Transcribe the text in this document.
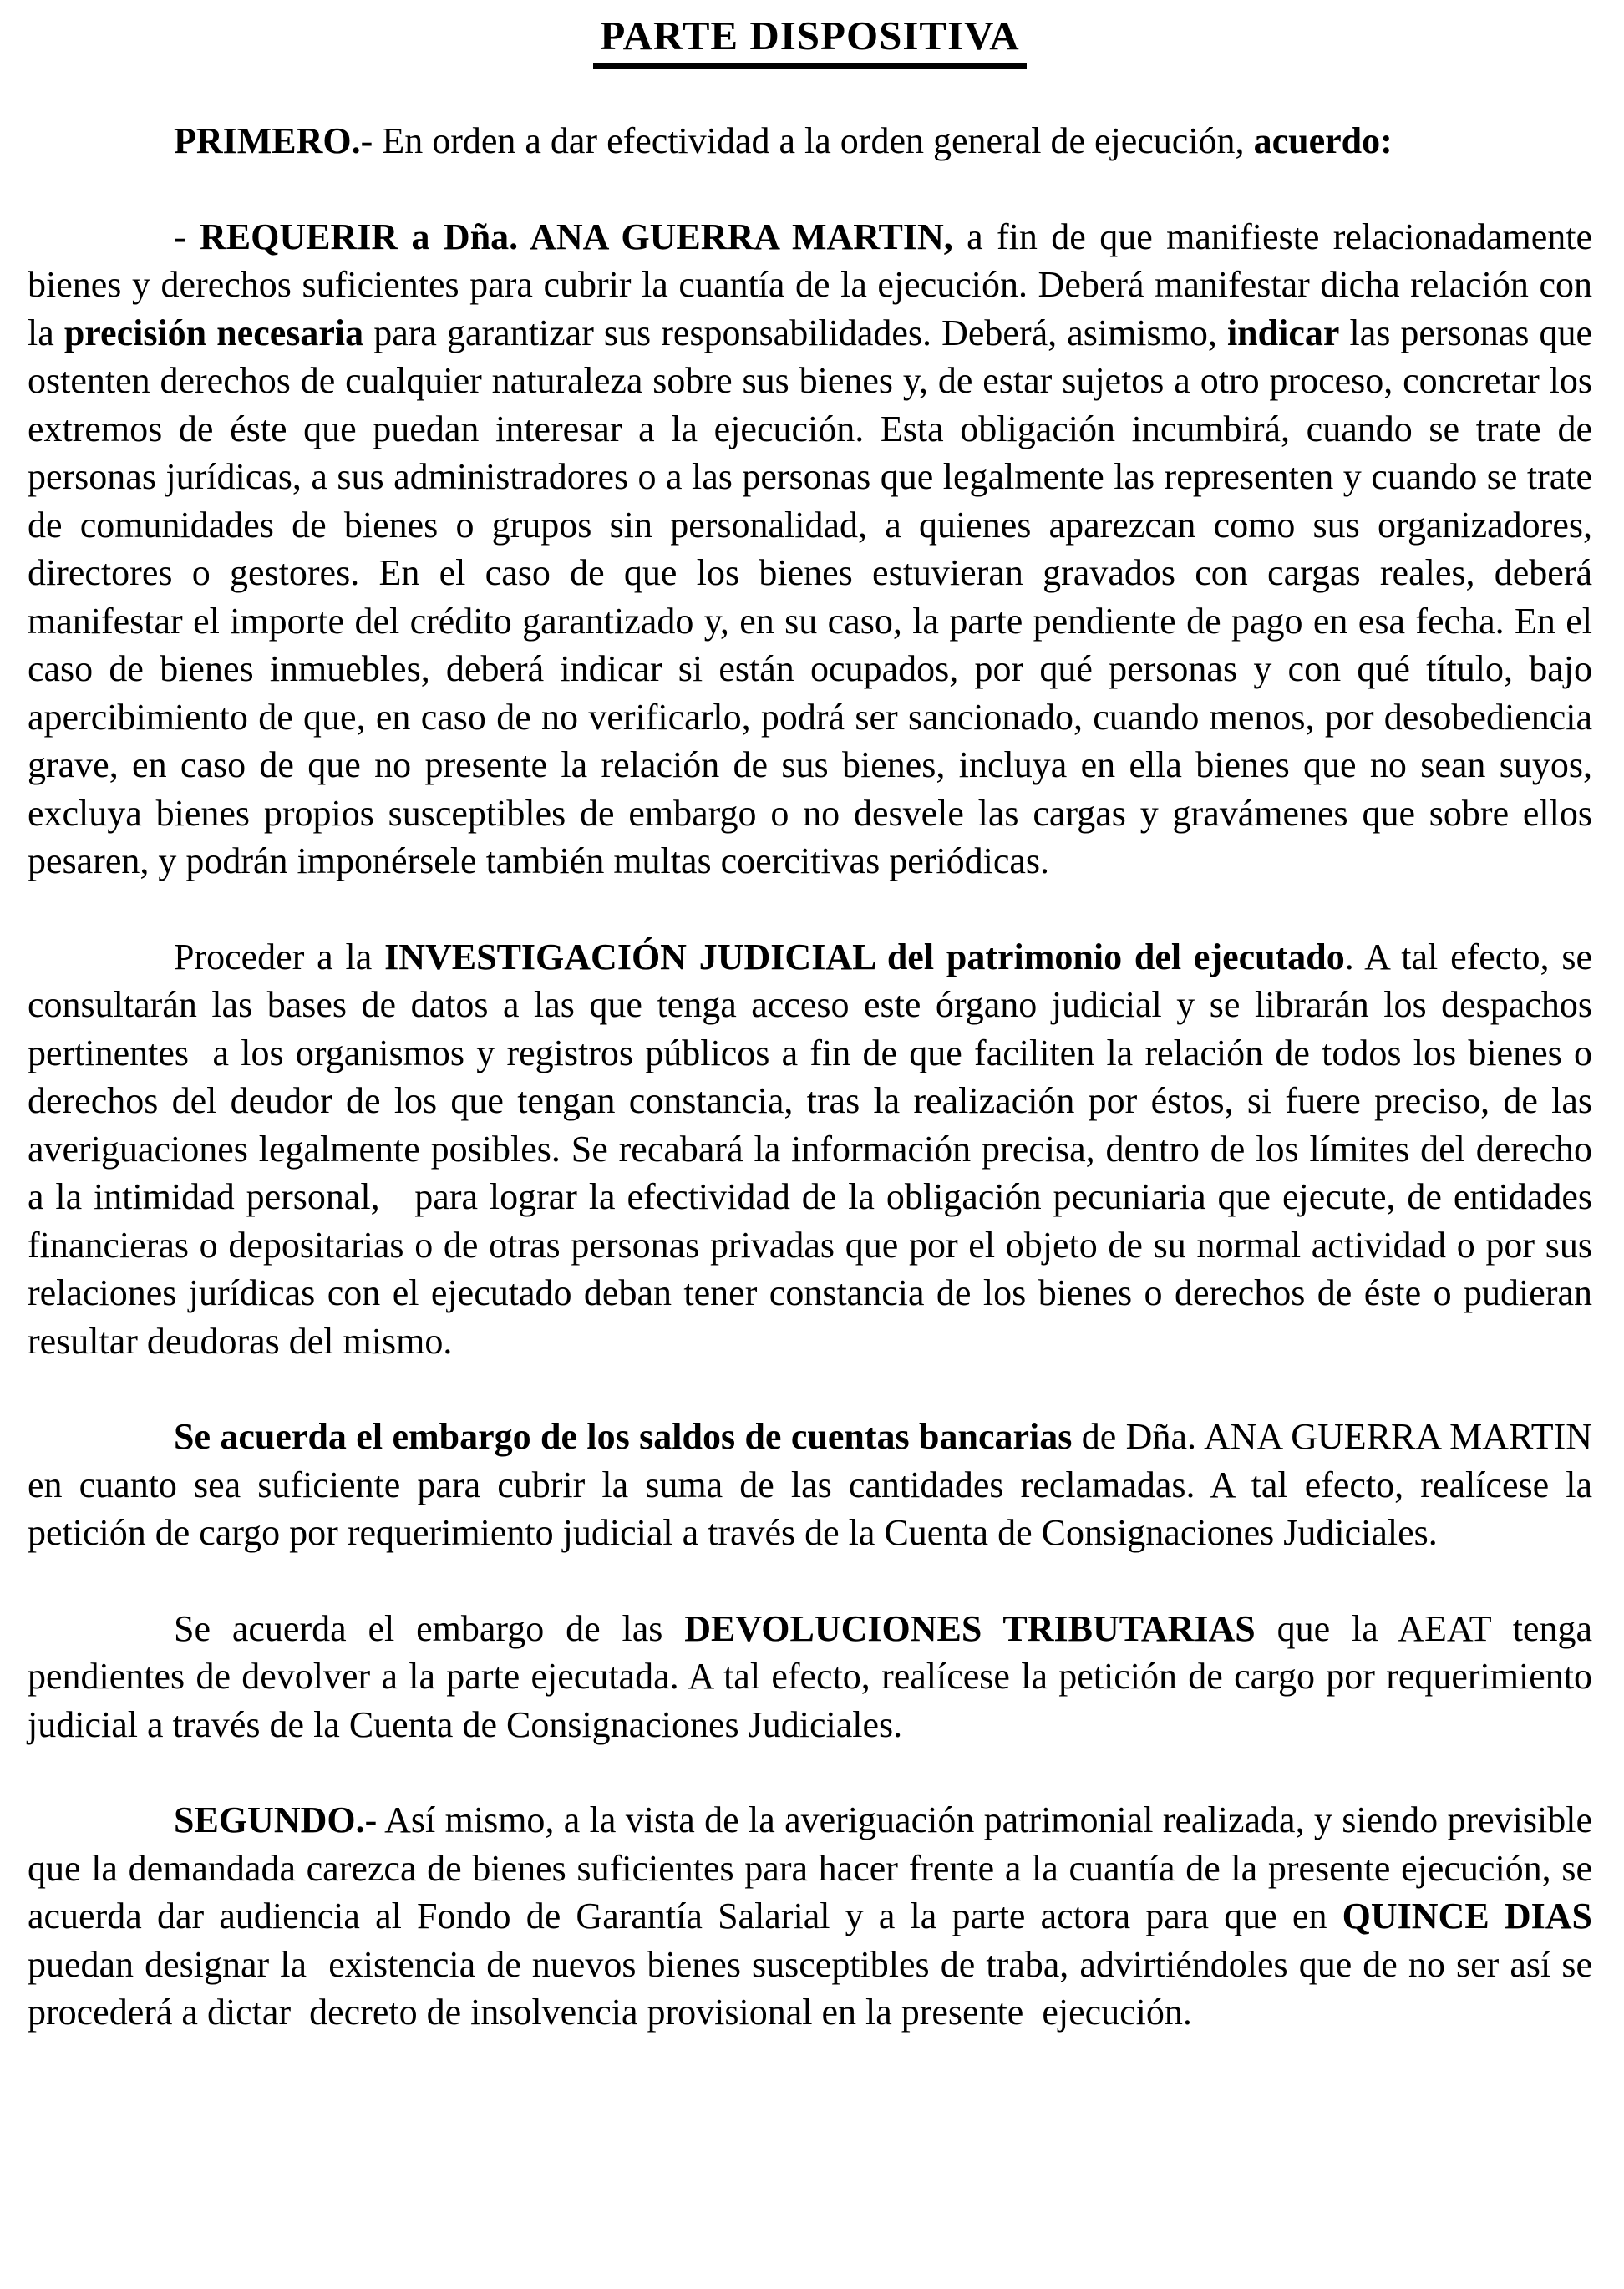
PARTE DISPOSITIVA

PRIMERO.- En orden a dar efectividad a la orden general de ejecución, acuerdo:

- REQUERIR a Dña. ANA GUERRA MARTIN, a fin de que manifieste relacionadamente bienes y derechos suficientes para cubrir la cuantía de la ejecución. Deberá manifestar dicha relación con la precisión necesaria para garantizar sus responsabilidades. Deberá, asimismo, indicar las personas que ostenten derechos de cualquier naturaleza sobre sus bienes y, de estar sujetos a otro proceso, concretar los extremos de éste que puedan interesar a la ejecución. Esta obligación incumbirá, cuando se trate de personas jurídicas, a sus administradores o a las personas que legalmente las representen y cuando se trate de comunidades de bienes o grupos sin personalidad, a quienes aparezcan como sus organizadores, directores o gestores. En el caso de que los bienes estuvieran gravados con cargas reales, deberá manifestar el importe del crédito garantizado y, en su caso, la parte pendiente de pago en esa fecha. En el caso de bienes inmuebles, deberá indicar si están ocupados, por qué personas y con qué título, bajo apercibimiento de que, en caso de no verificarlo, podrá ser sancionado, cuando menos, por desobediencia grave, en caso de que no presente la relación de sus bienes, incluya en ella bienes que no sean suyos, excluya bienes propios susceptibles de embargo o no desvele las cargas y gravámenes que sobre ellos pesaren, y podrán imponérsele también multas coercitivas periódicas.

Proceder a la INVESTIGACIÓN JUDICIAL del patrimonio del ejecutado. A tal efecto, se consultarán las bases de datos a las que tenga acceso este órgano judicial y se librarán los despachos pertinentes  a los organismos y registros públicos a fin de que faciliten la relación de todos los bienes o derechos del deudor de los que tengan constancia, tras la realización por éstos, si fuere preciso, de las averiguaciones legalmente posibles. Se recabará la información precisa, dentro de los límites del derecho a la intimidad personal,   para lograr la efectividad de la obligación pecuniaria que ejecute, de entidades financieras o depositarias o de otras personas privadas que por el objeto de su normal actividad o por sus relaciones jurídicas con el ejecutado deban tener constancia de los bienes o derechos de éste o pudieran resultar deudoras del mismo.

Se acuerda el embargo de los saldos de cuentas bancarias de Dña. ANA GUERRA MARTIN en cuanto sea suficiente para cubrir la suma de las cantidades reclamadas. A tal efecto, realícese la petición de cargo por requerimiento judicial a través de la Cuenta de Consignaciones Judiciales.

Se acuerda el embargo de las DEVOLUCIONES TRIBUTARIAS que la AEAT tenga pendientes de devolver a la parte ejecutada. A tal efecto, realícese la petición de cargo por requerimiento judicial a través de la Cuenta de Consignaciones Judiciales.

SEGUNDO.- Así mismo, a la vista de la averiguación patrimonial realizada, y siendo previsible que la demandada carezca de bienes suficientes para hacer frente a la cuantía de la presente ejecución, se acuerda dar audiencia al Fondo de Garantía Salarial y a la parte actora para que en QUINCE DIAS puedan designar la  existencia de nuevos bienes susceptibles de traba, advirtiéndoles que de no ser así se procederá a dictar  decreto de insolvencia provisional en la presente  ejecución.
